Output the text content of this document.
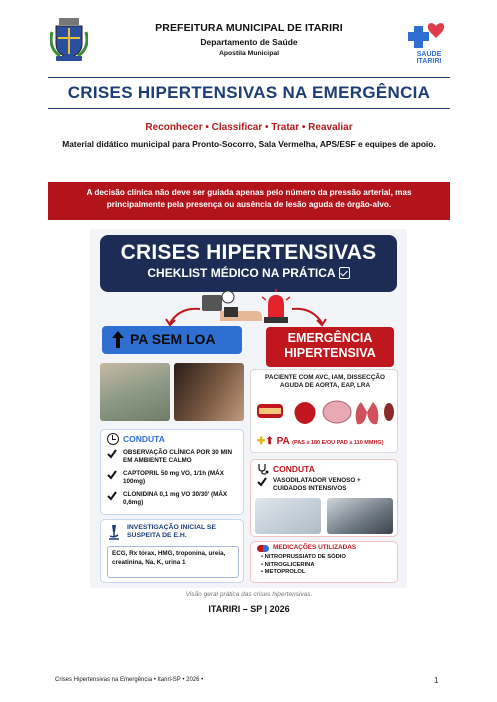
PREFEITURA MUNICIPAL DE ITARIRI
Departamento de Saúde
Apostila Municipal	SAÚDE
ITARIRI
CRISES HIPERTENSIVAS NA EMERGÊNCIA
Reconhecer • Classificar • Tratar • Reavaliar
Material didático municipal para Pronto-Socorro, Sala Vermelha, APS/ESF e equipes de apoio.
A decisão clínica não deve ser guiada apenas pelo número da pressão arterial, mas principalmente pela presença ou ausência de lesão aguda de órgão-alvo.
CRISES HIPERTENSIVAS
CHEKLIST MÉDICO NA PRÁTICA
PA SEM LOA	EMERGÊNCIA
HIPERTENSIVA
PACIENTE COM AVC, IAM, DISSECÇÃO AGUDA DE AORTA, EAP, LRA
✚⬆ PA (PAS ≥ 180 E/OU PAD ≥ 110 MMHG)
CONDUTA
OBSERVAÇÃO CLÍNICA POR 30 MIN EM AMBIENTE CALMO
CAPTOPRIL 50 mg VO, 1/1h (MÁX 100mg)
CLONIDINA 0,1 mg VO 30/30' (MÁX 0,6mg)
INVESTIGAÇÃO INICIAL SE SUSPEITA DE E.H.
ECG, Rx tórax, HMG, troponina, ureia, creatinina, Na, K, urina 1
CONDUTA
VASODILATADOR VENOSO + CUIDADOS INTENSIVOS
MEDICAÇÕES UTILIZADAS
• NITROPRUSSIATO DE SÓDIO
• NITROGLICERINA
• METOPROLOL
Visão geral prática das crises hipertensivas.
ITARIRI – SP | 2026
Crises Hipertensivas na Emergência • Itariri-SP • 2026 •	1
